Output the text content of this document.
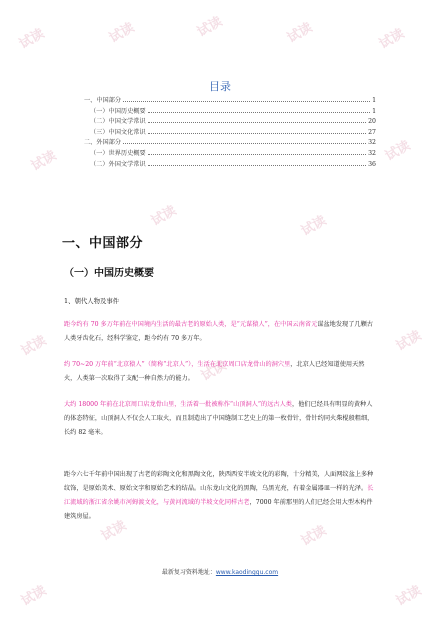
试读	试读	试读	试读	试读
试读	试读
试读	试读
试读	试读
试读
试读	试读
试读	试读
目录
一、中国部分	1
（一）中国历史概要	1
（二）中国文学常识	20
（三）中国文化常识	27
二、外国部分	32
（一）世界历史概要	32
（二）外国文学常识	36
一、中国部分
（一）中国历史概要
1、朝代人物及事件
距今约有 70 多万年前在中国境内生活的最古老的原始人类，是“元谋猿人”，在中国云南省元谋盆地发现了几颗古人类牙齿化石，经科学鉴定，距今约有 70 多万年。
约 70~20 万年前“北京猿人”（简称“北京人”），生活在北京周口店龙骨山的洞穴里，北京人已经知道使用天然火，人类第一次取得了支配一种自然力的能力。
大约 18000 年前在北京周口店龙骨山里，生活着一批被称作“山顶洞人”的远古人类，他们已经具有明显的黄种人的体态特征，山顶洞人不仅会人工取火，而且制造出了中国缝制工艺史上的第一枚骨针，骨针约同火柴棍般粗细，长约 82 毫米。
距今六七千年前中国出现了古老的彩陶文化和黑陶文化，陕西西安半坡文化的彩陶，十分精美，人面网纹盆上多种纹饰，是原始美术、原始文字和原始艺术的结晶。山东龙山文化的黑陶，乌黑光亮，有着金属器皿一样的光泽。长江流域的浙江省余姚市河姆渡文化，与黄河流域的半坡文化同样古老，7000 年前那里的人们已经会用大型木构件建筑房屋。
最新复习资料地址：www.kaodinggu.com
